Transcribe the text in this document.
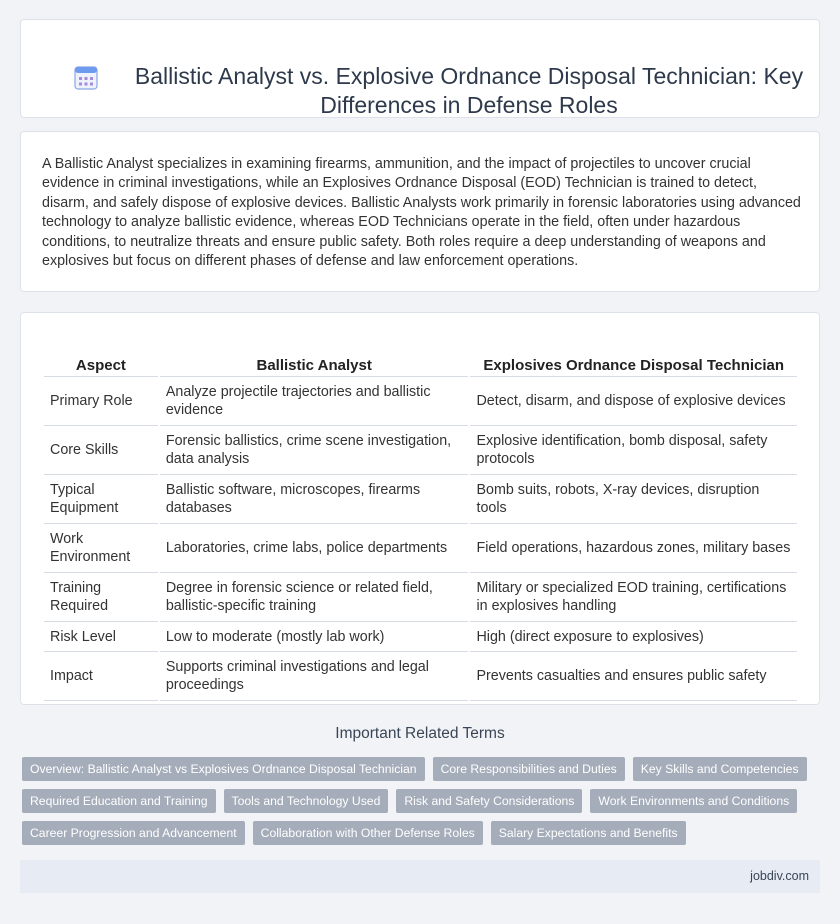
Ballistic Analyst vs. Explosive Ordnance Disposal Technician: Key Differences in Defense Roles

A Ballistic Analyst specializes in examining firearms, ammunition, and the impact of projectiles to uncover crucial evidence in criminal investigations, while an Explosives Ordnance Disposal (EOD) Technician is trained to detect, disarm, and safely dispose of explosive devices. Ballistic Analysts work primarily in forensic laboratories using advanced technology to analyze ballistic evidence, whereas EOD Technicians operate in the field, often under hazardous conditions, to neutralize threats and ensure public safety. Both roles require a deep understanding of weapons and explosives but focus on different phases of defense and law enforcement operations.

Aspect	Ballistic Analyst	Explosives Ordnance Disposal Technician
Primary Role	Analyze projectile trajectories and ballistic evidence	Detect, disarm, and dispose of explosive devices
Core Skills	Forensic ballistics, crime scene investigation, data analysis	Explosive identification, bomb disposal, safety protocols
Typical Equipment	Ballistic software, microscopes, firearms databases	Bomb suits, robots, X-ray devices, disruption tools
Work Environment	Laboratories, crime labs, police departments	Field operations, hazardous zones, military bases
Training Required	Degree in forensic science or related field, ballistic-specific training	Military or specialized EOD training, certifications in explosives handling
Risk Level	Low to moderate (mostly lab work)	High (direct exposure to explosives)
Impact	Supports criminal investigations and legal proceedings	Prevents casualties and ensures public safety
Important Related Terms
Overview: Ballistic Analyst vs Explosives Ordnance Disposal Technician	Core Responsibilities and Duties	Key Skills and Competencies
Required Education and Training	Tools and Technology Used	Risk and Safety Considerations	Work Environments and Conditions
Career Progression and Advancement	Collaboration with Other Defense Roles	Salary Expectations and Benefits
jobdiv.com
